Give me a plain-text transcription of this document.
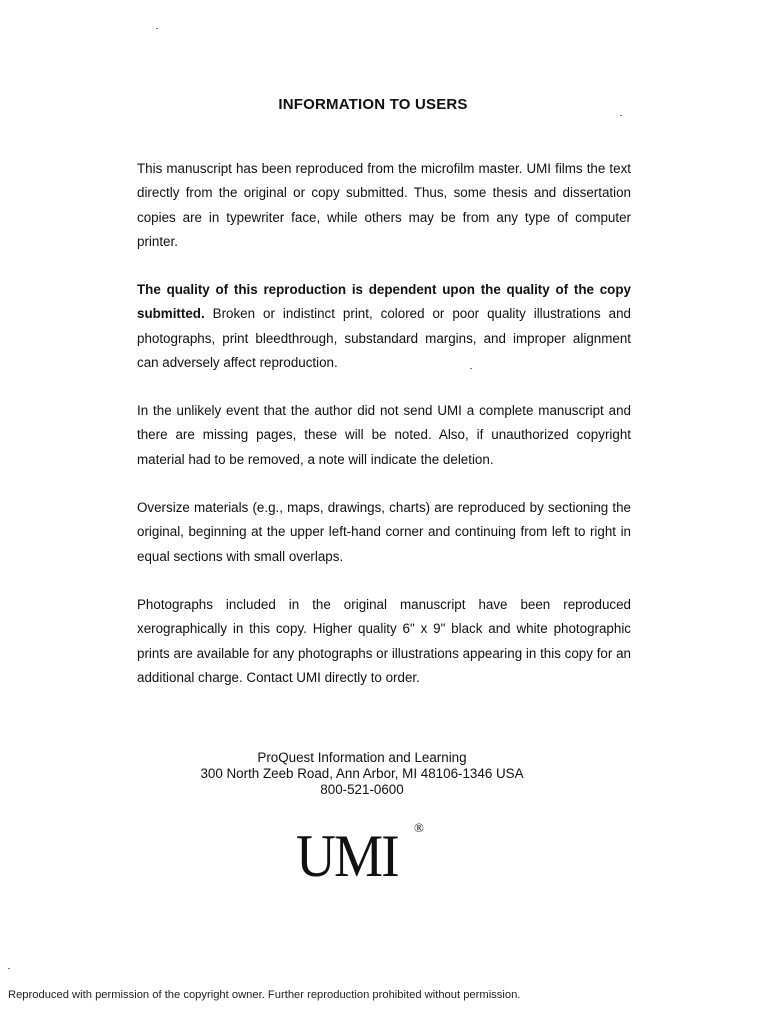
INFORMATION TO USERS

This manuscript has been reproduced from the microfilm master. UMI films the text directly from the original or copy submitted. Thus, some thesis and dissertation copies are in typewriter face, while others may be from any type of computer printer.

The quality of this reproduction is dependent upon the quality of the copy submitted. Broken or indistinct print, colored or poor quality illustrations and photographs, print bleedthrough, substandard margins, and improper alignment can adversely affect reproduction.

In the unlikely event that the author did not send UMI a complete manuscript and there are missing pages, these will be noted. Also, if unauthorized copyright material had to be removed, a note will indicate the deletion.

Oversize materials (e.g., maps, drawings, charts) are reproduced by sectioning the original, beginning at the upper left-hand corner and continuing from left to right in equal sections with small overlaps.

Photographs included in the original manuscript have been reproduced xerographically in this copy. Higher quality 6" x 9" black and white photographic prints are available for any photographs or illustrations appearing in this copy for an additional charge. Contact UMI directly to order.

ProQuest Information and Learning
300 North Zeeb Road, Ann Arbor, MI 48106-1346 USA
800-521-0600
UMI ®
Reproduced with permission of the copyright owner. Further reproduction prohibited without permission.
